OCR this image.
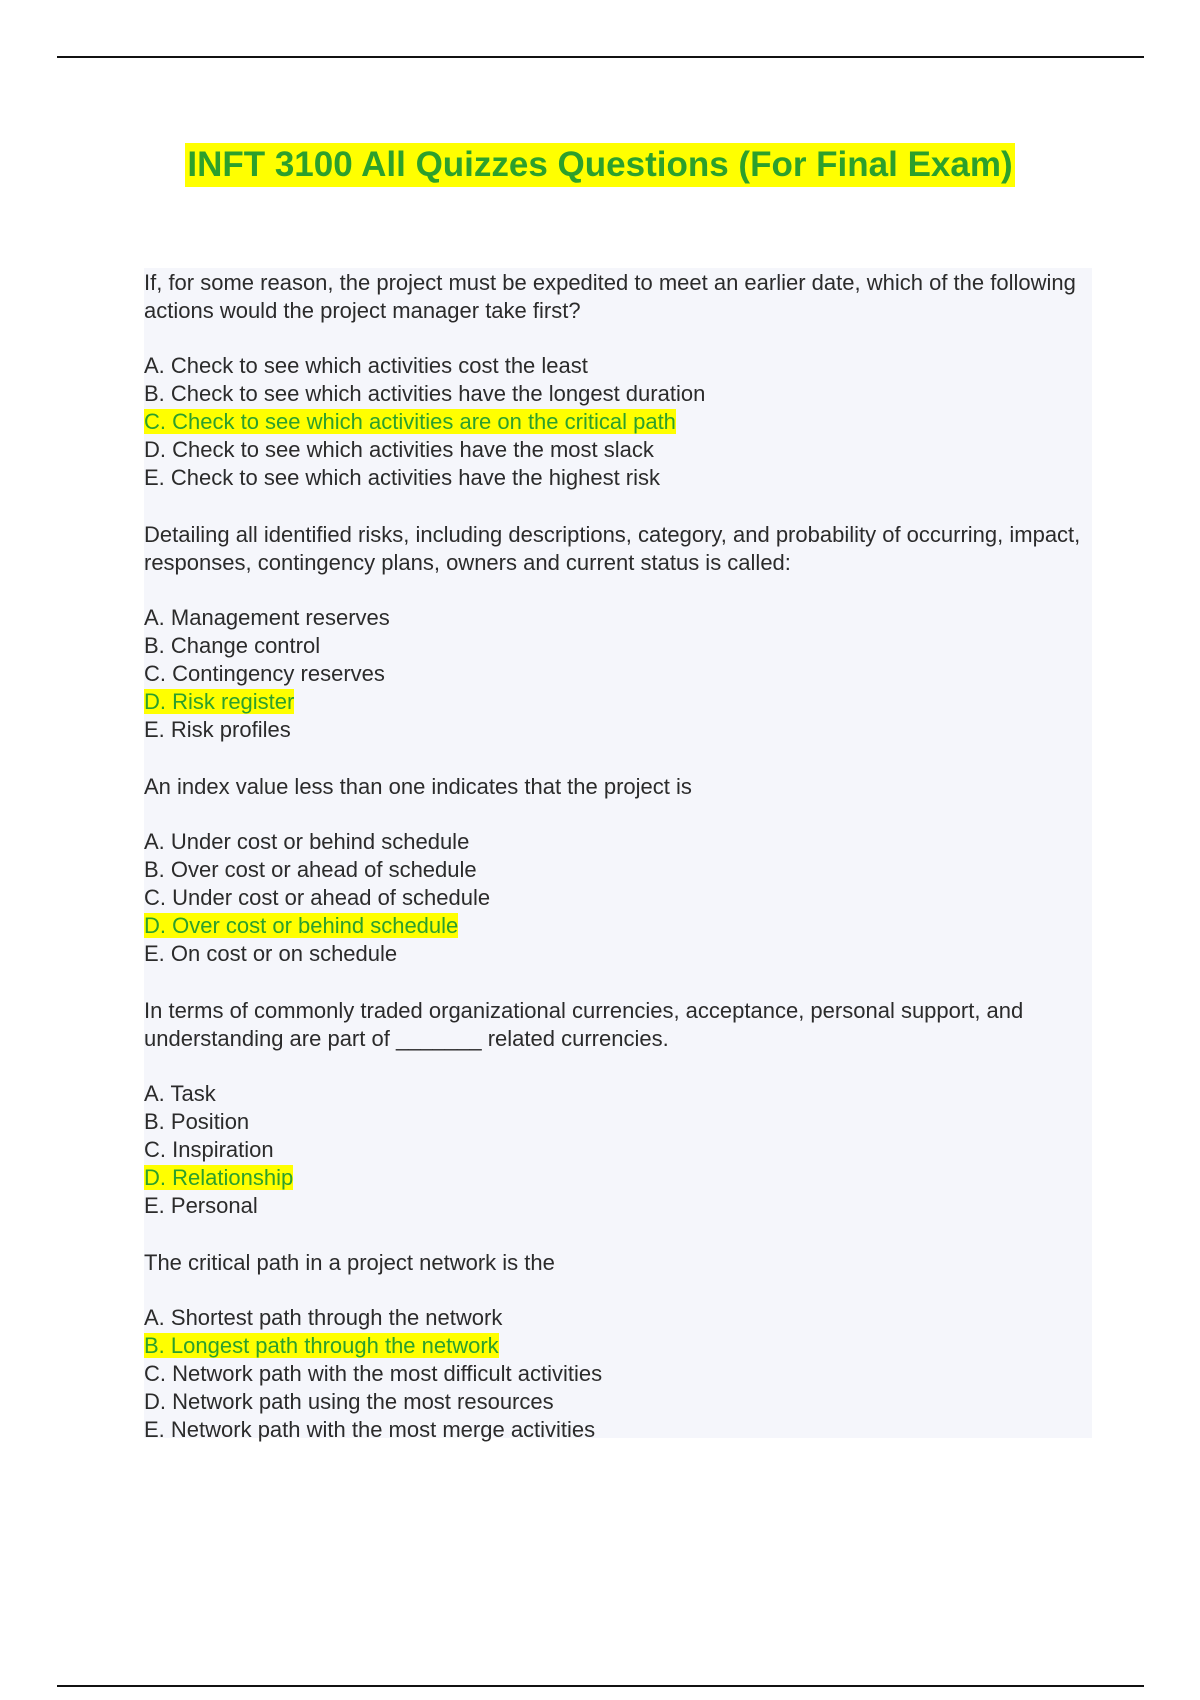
INFT 3100 All Quizzes Questions (For Final Exam)

If, for some reason, the project must be expedited to meet an earlier date, which of the following actions would the project manager take first?

A. Check to see which activities cost the least
B. Check to see which activities have the longest duration
C. Check to see which activities are on the critical path
D. Check to see which activities have the most slack
E. Check to see which activities have the highest risk

Detailing all identified risks, including descriptions, category, and probability of occurring, impact, responses, contingency plans, owners and current status is called:

A. Management reserves
B. Change control
C. Contingency reserves
D. Risk register
E. Risk profiles

An index value less than one indicates that the project is

A. Under cost or behind schedule
B. Over cost or ahead of schedule
C. Under cost or ahead of schedule
D. Over cost or behind schedule
E. On cost or on schedule

In terms of commonly traded organizational currencies, acceptance, personal support, and understanding are part of _______ related currencies.

A. Task
B. Position
C. Inspiration
D. Relationship
E. Personal

The critical path in a project network is the

A. Shortest path through the network
B. Longest path through the network
C. Network path with the most difficult activities
D. Network path using the most resources
E. Network path with the most merge activities
